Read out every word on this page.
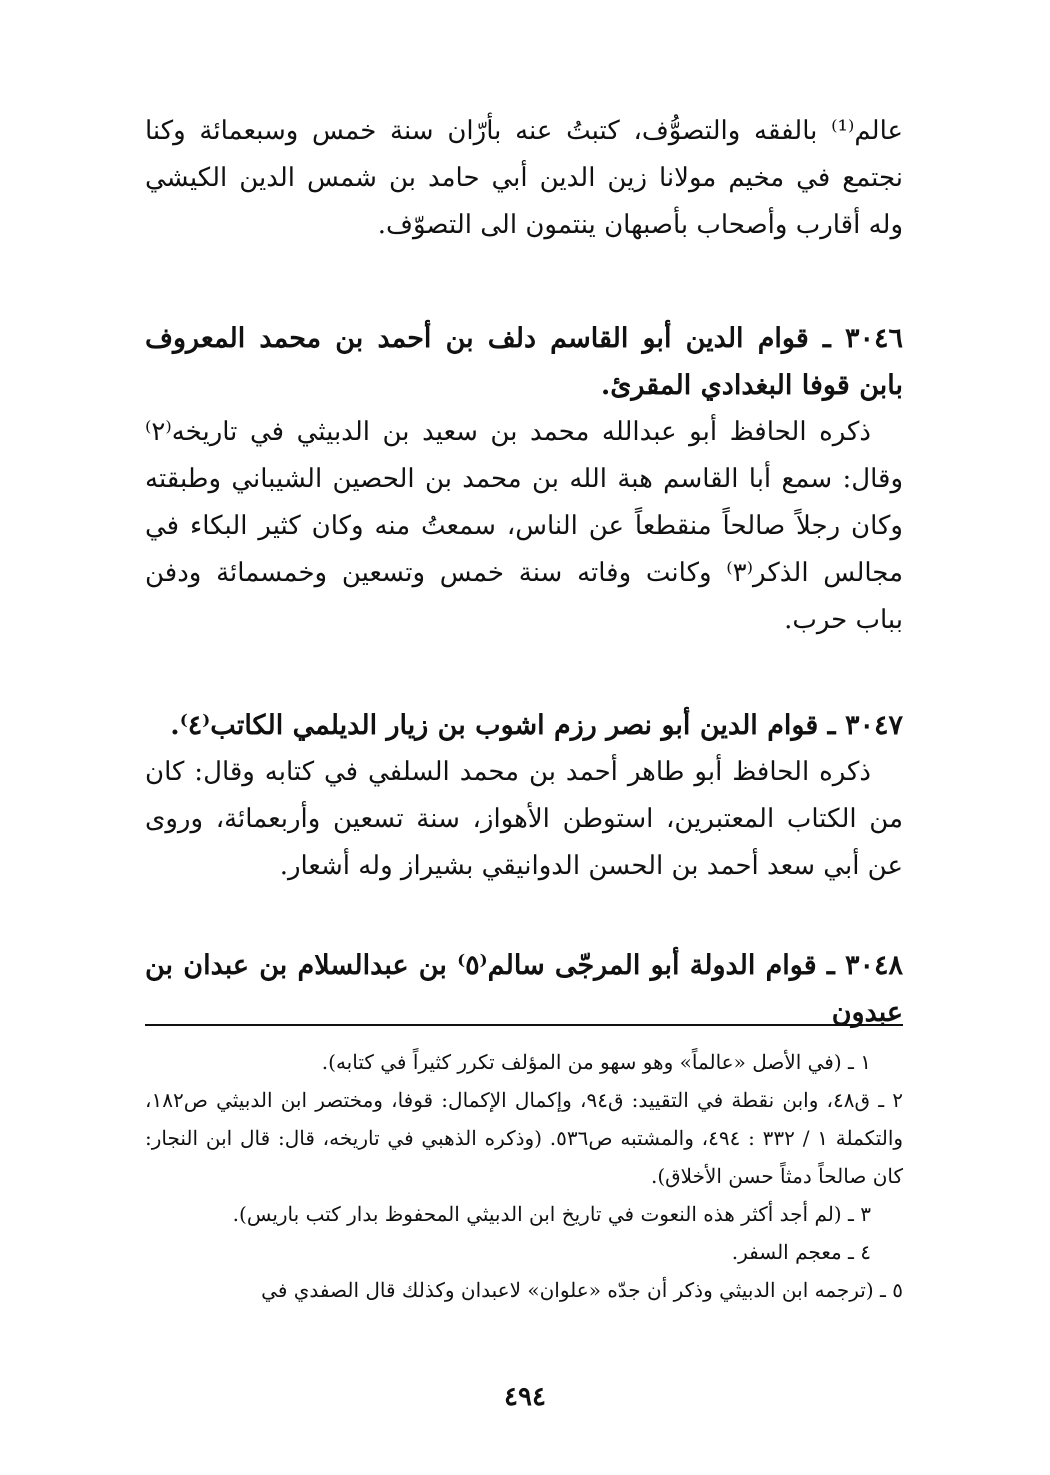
عالم⁽¹⁾ بالفقه والتصوُّف، كتبتُ عنه بأرّان سنة خمس وسبعمائة وكنا نجتمع في مخيم مولانا زين الدين أبي حامد بن شمس الدين الكيشي وله أقارب وأصحاب بأصبهان ينتمون الى التصوّف.

٣٠٤٦ ـ قوام الدين أبو القاسم دلف بن أحمد بن محمد المعروف بابن قوفا البغدادي المقرئ.

ذكره الحافظ أبو عبدالله محمد بن سعيد بن الدبيثي في تاريخه⁽٢⁾ وقال: سمع أبا القاسم هبة الله بن محمد بن الحصين الشيباني وطبقته وكان رجلاً صالحاً منقطعاً عن الناس، سمعتُ منه وكان كثير البكاء في مجالس الذكر⁽٣⁾ وكانت وفاته سنة خمس وتسعين وخمسمائة ودفن بباب حرب.

٣٠٤٧ ـ قوام الدين أبو نصر رزم اشوب بن زيار الديلمي الكاتب⁽٤⁾.

ذكره الحافظ أبو طاهر أحمد بن محمد السلفي في كتابه وقال: كان من الكتاب المعتبرين، استوطن الأهواز، سنة تسعين وأربعمائة، وروى عن أبي سعد أحمد بن الحسن الدوانيقي بشيراز وله أشعار.

٣٠٤٨ ـ قوام الدولة أبو المرجّى سالم⁽٥⁾ بن عبدالسلام بن عبدان بن عبدون

١ ـ (في الأصل «عالماً» وهو سهو من المؤلف تكرر كثيراً في كتابه).

٢ ـ ق٤٨، وابن نقطة في التقييد: ق٩٤، وإكمال الإكمال: قوفا، ومختصر ابن الدبيثي ص١٨٢، والتكملة ١ / ٣٣٢ : ٤٩٤، والمشتبه ص٥٣٦. (وذكره الذهبي في تاريخه، قال: قال ابن النجار: كان صالحاً دمثاً حسن الأخلاق).

٣ ـ (لم أجد أكثر هذه النعوت في تاريخ ابن الدبيثي المحفوظ بدار كتب باريس).

٤ ـ معجم السفر.

٥ ـ (ترجمه ابن الدبيثي وذكر أن جدّه «علوان» لاعبدان وكذلك قال الصفدي في

٤٩٤
